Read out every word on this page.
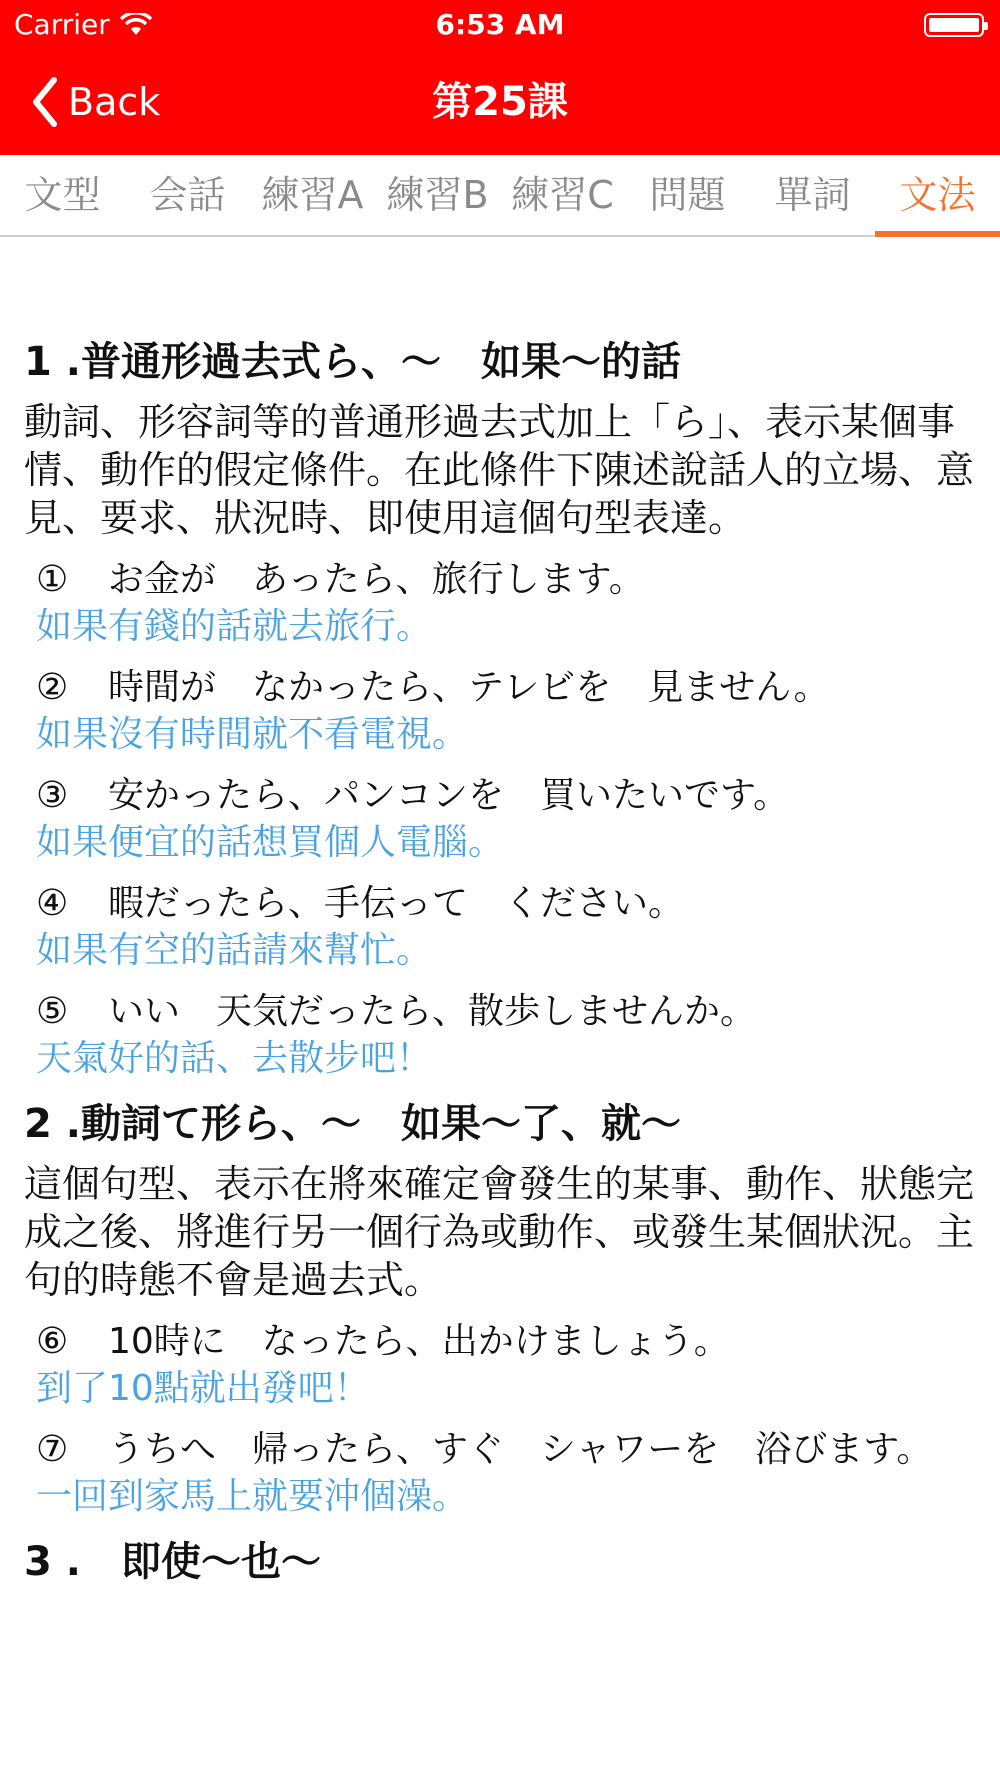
Carrier	6:53 AM
Back	第25課
文型	会話 練習A 練習B 練習C 問題	單詞	文法
1 .普通形過去式ら、～　如果～的話

動詞、形容詞等的普通形過去式加上「ら」、表示某個事情、動作的假定條件。在此條件下陳述說話人的立場、意見、要求、狀況時、即使用這個句型表達。

① お金が　あったら、旅行します。

如果有錢的話就去旅行。

② 時間が　なかったら、テレビを　見ません。

如果沒有時間就不看電視。

③ 安かったら、パンコンを　買いたいです。

如果便宜的話想買個人電腦。

④ 暇だったら、手伝って　ください。

如果有空的話請來幫忙。

⑤ いい　天気だったら、散歩しませんか。

天氣好的話、去散步吧！

2 .動詞て形ら、～　如果～了、就～

這個句型、表示在將來確定會發生的某事、動作、狀態完成之後、將進行另一個行為或動作、或發生某個狀況。主句的時態不會是過去式。

⑥ 10時に　なったら、出かけましょう。

到了10點就出發吧！

⑦ うちへ　帰ったら、すぐ　シャワーを　浴びます。

一回到家馬上就要沖個澡。

3 .　即使～也～
